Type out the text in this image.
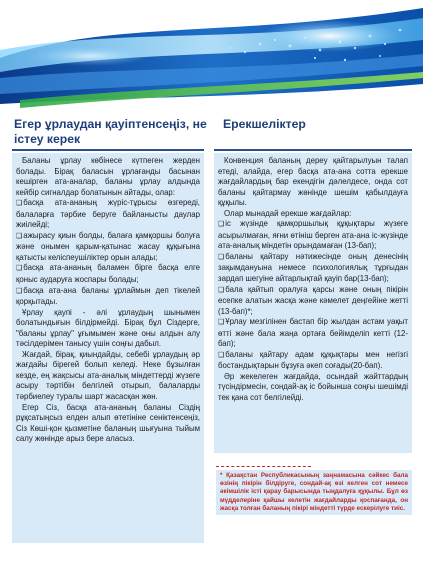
Егер ұрлаудан қауiптенсеңiз, не iстеу керек
Ерекшелiктер

Баланы ұрлау көбiнесе күтпеген жерден болады. Бiрақ баласын ұрлағанды басынан кешiрген ата-аналар, баланы ұрлау алдында кейбiр сигналдар болатынын айтады, олар:

❑ басқа ата-ананың жүрiс-тұрысы өзгередi, балаларға тәрбие беруге байланысты даулар жиiлейдi;

❑ ажырасу қиын болды, балаға қамқоршы болуға және онымен қарым-қатынас жасау құқығына қатысты келiспеушiлiктер орын алады;

❑ басқа ата-ананың баламен бiрге басқа елге қоныс аударуға жоспары болады;

❑ басқа ата-ана баланы ұрлаймын деп тiкелей қорқытады.

Ұрлау қаупi - әлi ұрлаудың шынымен болатындығын бiлдiрмейдi. Бiрақ бұл Сiздерге, "баланы ұрлау" ұғымымен және оны алдын алу тәсiлдерiмен танысу үшiн соңғы дабыл.

Жағдай, бiрақ, қиындайды, себебi ұрлаудың әр жағдайы бiрегей болып келедi. Неке бұзылған кезде, ең жақсысы ата-аналық мiндеттердi жүзеге асыру тәртiбiн белгiлей отырып, балаларды тәрбиелеу туралы шарт жасасқан жөн.

Егер Сiз, басқа ата-ананың баланы Сiздiң рұқсатыңсыз елден алып өтетiнiне сенiктенсеңiз, Сiз Көшi-қон қызметiне баланың шығуына тыйым салу жөнiнде арыз бере аласыз.

Конвенция баланың дереу қайтарылуын талап етедi, алайда, егер басқа ата-ана сотта ерекше жағдайлардың бар екендiгiн дәлелдесе, онда сот баланы қайтармау жөнiнде шешiм қабылдауға құқылы.

Олар мынадай ерекше жағдайлар:

❑ iс жүзiнде қамқоршылық құқықтары жүзеге асырылмаған, яғни өтiнiш берген ата-ана iс-жүзiнде ата-аналық мiндетiн орындамаған (13-бап);

❑ баланы қайтару нәтижесiнде оның денесiнiң зақымдануына немесе психологиялық тұрғыдан зардап шегуiне айтарлықтай қауiп бар(13-бап);

❑ бала қайтып оралуға қарсы және оның пiкiрiн есепке алатын жасқа және кәмелет деңгейiне жеттi (13-бап)*;

❑ Ұрлау мезгiлiнен бастап бiр жылдан астам уақыт өттi және бала жаңа ортаға бейiмделiп кеттi (12-бап);

❑ баланы қайтару адам құқықтары мен негiзгi бостандықтарын бұзуға әкеп соғады(20-бап).

Әр жекелеген жағдайда, осындай жайттардың түсiндiрмесiн, сондай-ақ iс бойынша соңғы шешiмдi тек қана сот белгiлейдi.

* Қазақстан Республикасының заңнамасына сәйкес бала өзiнiң пiкiрiн бiлдiруге, сондай-ақ өзi келген сот немесе әкiмшiлiк iстi қарау барысында тыңдалуға құқылы. Бұл өз мүдделерiне қайшы келетiн жағдайларды қоспағанда, он жасқа толған баланың пiкiрi мiндеттi түрде ескерiлуге тиiс.
